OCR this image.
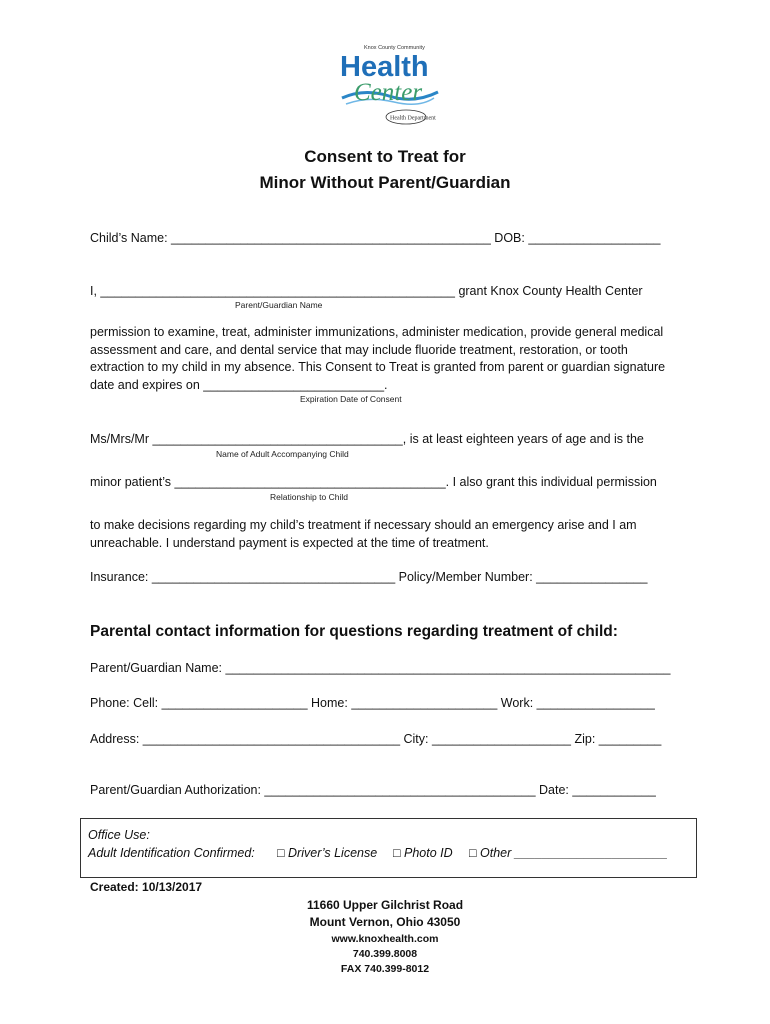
Knox County Community
Health
Center
Health Department
Consent to Treat for
Minor Without Parent/Guardian
Child’s Name: ______________________________________________ DOB: ___________________
I, ___________________________________________________ grant Knox County Health Center
Parent/Guardian Name
permission to examine, treat, administer immunizations, administer medication, provide general medical assessment and care, and dental service that may include fluoride treatment, restoration, or tooth extraction to my child in my absence. This Consent to Treat is granted from parent or guardian signature date and expires on __________________________.
Expiration Date of Consent
Ms/Mrs/Mr ____________________________________, is at least eighteen years of age and is the
Name of Adult Accompanying Child
minor patient’s _______________________________________. I also grant this individual permission
Relationship to Child
to make decisions regarding my child’s treatment if necessary should an emergency arise and I am unreachable. I understand payment is expected at the time of treatment.
Insurance: ___________________________________ Policy/Member Number: ________________
Parental contact information for questions regarding treatment of child:
Parent/Guardian Name: ________________________________________________________________
Phone: Cell: _____________________ Home: _____________________ Work: _________________
Address: _____________________________________ City: ____________________ Zip: _________
Parent/Guardian Authorization: _______________________________________ Date: ____________
Office Use:
Adult Identification Confirmed: □ Driver’s License □ Photo ID □ Other ______________________
Created: 10/13/2017
11660 Upper Gilchrist Road
Mount Vernon, Ohio 43050
www.knoxhealth.com
740.399.8008
FAX 740.399-8012
